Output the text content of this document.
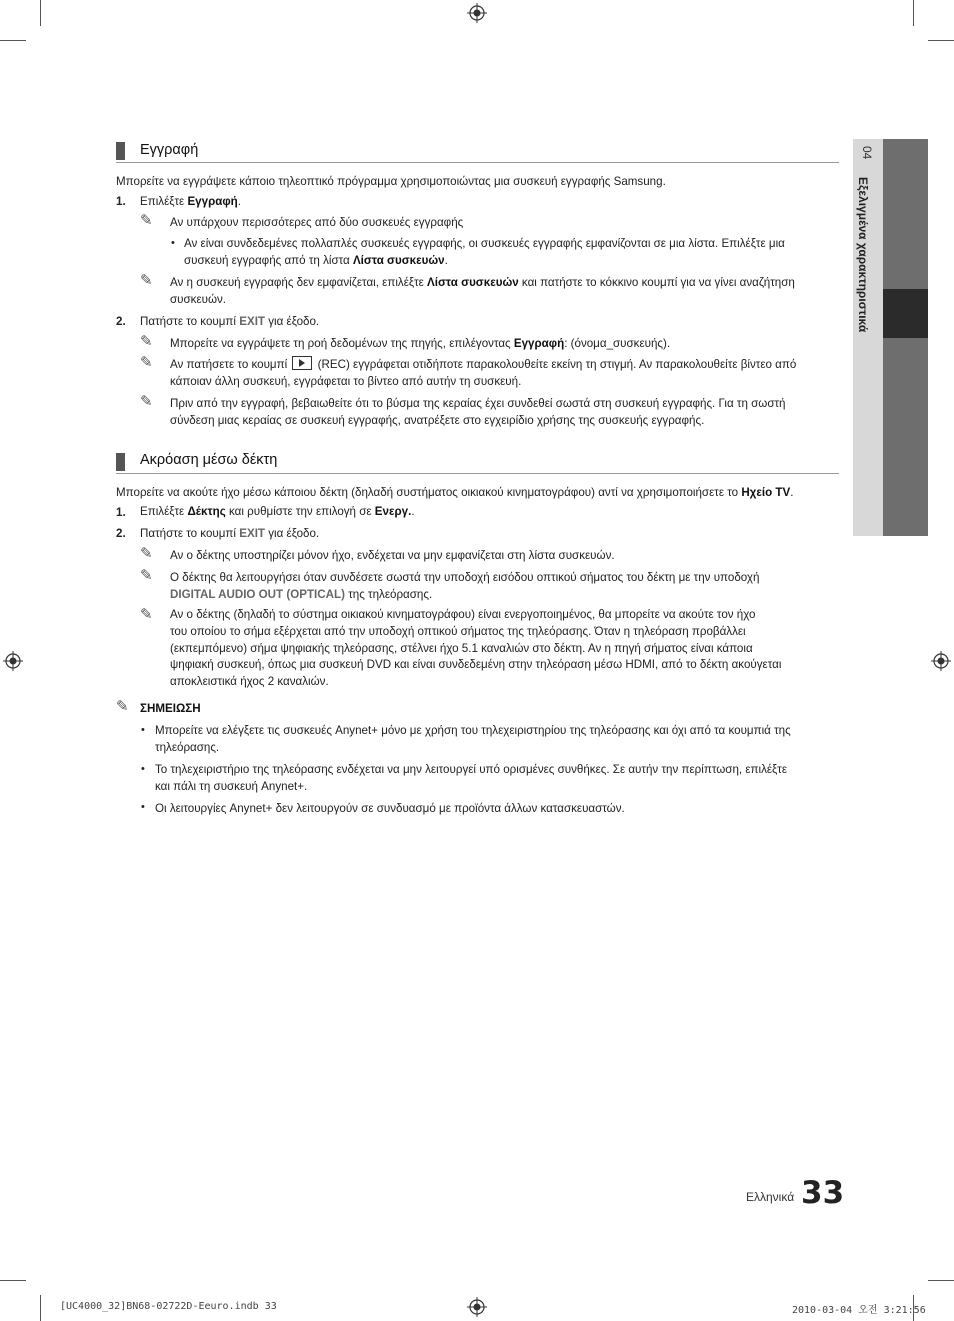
04
Εξελιγμένα χαρακτηριστικά
Εγγραφή
Μπορείτε να εγγράψετε κάποιο τηλεοπτικό πρόγραμμα χρησιμοποιώντας μια συσκευή εγγραφής Samsung.
1. Επιλέξτε Εγγραφή.
✎ Αν υπάρχουν περισσότερες από δύο συσκευές εγγραφής
• Αν είναι συνδεδεμένες πολλαπλές συσκευές εγγραφής, οι συσκευές εγγραφής εμφανίζονται σε μια λίστα. Επιλέξτε μια
συσκευή εγγραφής από τη λίστα Λίστα συσκευών.
✎ Αν η συσκευή εγγραφής δεν εμφανίζεται, επιλέξτε Λίστα συσκευών και πατήστε το κόκκινο κουμπί για να γίνει αναζήτηση
συσκευών.
2. Πατήστε το κουμπί EXIT για έξοδο.
✎ Μπορείτε να εγγράψετε τη ροή δεδομένων της πηγής, επιλέγοντας Εγγραφή: (όνομα_συσκευής).
✎ Αν πατήσετε το κουμπί  (REC) εγγράφεται οτιδήποτε παρακολουθείτε εκείνη τη στιγμή. Αν παρακολουθείτε βίντεο από
κάποιαν άλλη συσκευή, εγγράφεται το βίντεο από αυτήν τη συσκευή.
✎ Πριν από την εγγραφή, βεβαιωθείτε ότι το βύσμα της κεραίας έχει συνδεθεί σωστά στη συσκευή εγγραφής. Για τη σωστή
σύνδεση μιας κεραίας σε συσκευή εγγραφής, ανατρέξετε στο εγχειρίδιο χρήσης της συσκευής εγγραφής.
Ακρόαση μέσω δέκτη
Μπορείτε να ακούτε ήχο μέσω κάποιου δέκτη (δηλαδή συστήματος οικιακού κινηματογράφου) αντί να χρησιμοποιήσετε το Ηχείο TV.
1. Επιλέξτε Δέκτης και ρυθμίστε την επιλογή σε Ενεργ..
2. Πατήστε το κουμπί EXIT για έξοδο.
✎ Αν ο δέκτης υποστηρίζει μόνον ήχο, ενδέχεται να μην εμφανίζεται στη λίστα συσκευών.
✎ Ο δέκτης θα λειτουργήσει όταν συνδέσετε σωστά την υποδοχή εισόδου οπτικού σήματος του δέκτη με την υποδοχή
DIGITAL AUDIO OUT (OPTICAL) της τηλεόρασης.
✎ Αν ο δέκτης (δηλαδή το σύστημα οικιακού κινηματογράφου) είναι ενεργοποιημένος, θα μπορείτε να ακούτε τον ήχο
του οποίου το σήμα εξέρχεται από την υποδοχή οπτικού σήματος της τηλεόρασης. Όταν η τηλεόραση προβάλλει
(εκπεμπόμενο) σήμα ψηφιακής τηλεόρασης, στέλνει ήχο 5.1 καναλιών στο δέκτη. Αν η πηγή σήματος είναι κάποια
ψηφιακή συσκευή, όπως μια συσκευή DVD και είναι συνδεδεμένη στην τηλεόραση μέσω HDMI, από το δέκτη ακούγεται
αποκλειστικά ήχος 2 καναλιών.
✎ ΣΗΜΕΙΩΣΗ
• Μπορείτε να ελέγξετε τις συσκευές Anynet+ μόνο με χρήση του τηλεχειριστηρίου της τηλεόρασης και όχι από τα κουμπιά της
τηλεόρασης.
• Το τηλεχειριστήριο της τηλεόρασης ενδέχεται να μην λειτουργεί υπό ορισμένες συνθήκες. Σε αυτήν την περίπτωση, επιλέξτε
και πάλι τη συσκευή Anynet+.
• Οι λειτουργίες Anynet+ δεν λειτουργούν σε συνδυασμό με προϊόντα άλλων κατασκευαστών.
Ελληνικά 33
[UC4000_32]BN68-02722D-Eeuro.indb 33	2010-03-04 오전 3:21:56
